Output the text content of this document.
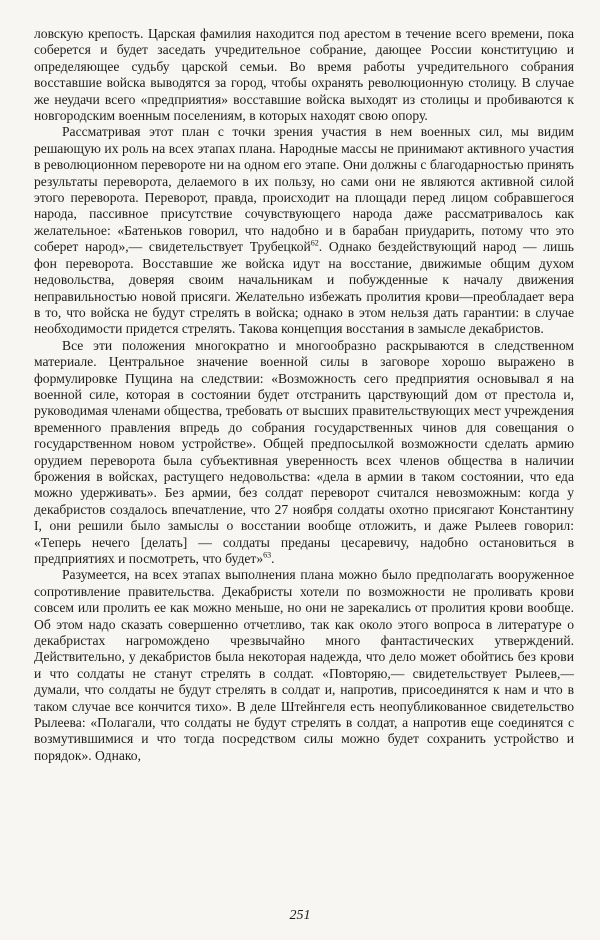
ловскую крепость. Царская фамилия находится под арестом в течение всего времени, пока соберется и будет заседать учредительное собрание, дающее России конституцию и определяющее судьбу царской семьи. Во время работы учредительного собрания восставшие войска выводятся за город, чтобы охранять революционную столицу. В случае же неудачи всего «предприятия» восставшие войска выходят из столицы и пробиваются к новгородским военным поселениям, в которых находят свою опору.

Рассматривая этот план с точки зрения участия в нем военных сил, мы видим решающую их роль на всех этапах плана. Народные массы не принимают активного участия в революционном перевороте ни на одном его этапе. Они должны с благодарностью принять результаты переворота, делаемого в их пользу, но сами они не являются активной силой этого переворота. Переворот, правда, происходит на площади перед лицом собравшегося народа, пассивное присутствие сочувствующего народа даже рассматривалось как желательное: «Батеньков говорил, что надобно и в барабан приударить, потому что это соберет народ»,— свидетельствует Трубецкой$^{62}$. Однако бездействующий народ — лишь фон переворота. Восставшие же войска идут на восстание, движимые общим духом недовольства, доверяя своим начальникам и побужденные к началу движения неправильностью новой присяги. Желательно избежать пролития крови—преобладает вера в то, что войска не будут стрелять в войска; однако в этом нельзя дать гарантии: в случае необходимости придется стрелять. Такова концепция восстания в замысле декабристов.

Все эти положения многократно и многообразно раскрываются в следственном материале. Центральное значение военной силы в заговоре хорошо выражено в формулировке Пущина на следствии: «Возможность сего предприятия основывал я на военной силе, которая в состоянии будет отстранить царствующий дом от престола и, руководимая членами общества, требовать от высших правительствующих мест учреждения временного правления впредь до собрания государственных чинов для совещания о государственном новом устройстве». Общей предпосылкой возможности сделать армию орудием переворота была субъективная уверенность всех членов общества в наличии брожения в войсках, растущего недовольства: «дела в армии в таком состоянии, что еда можно удерживать». Без армии, без солдат переворот считался невозможным: когда у декабристов создалось впечатление, что 27 ноября солдаты охотно присягают Константину I, они решили было замыслы о восстании вообще отложить, и даже Рылеев говорил: «Теперь нечего [делать] — солдаты преданы цесаревичу, надобно остановиться в предприятиях и посмотреть, что будет»$^{63}$.

Разумеется, на всех этапах выполнения плана можно было предполагать вооруженное сопротивление правительства. Декабристы хотели по возможности не проливать крови совсем или пролить ее как можно меньше, но они не зарекались от пролития крови вообще. Об этом надо сказать совершенно отчетливо, так как около этого вопроса в литературе о декабристах нагромождено чрезвычайно много фантастических утверждений. Действительно, у декабристов была некоторая надежда, что дело может обойтись без крови и что солдаты не станут стрелять в солдат. «Повторяю,— свидетельствует Рылеев,— думали, что солдаты не будут стрелять в солдат и, напротив, присоединятся к нам и что в таком случае все кончится тихо». В деле Штейнгеля есть неопубликованное свидетельство Рылеева: «Полагали, что солдаты не будут стрелять в солдат, а напротив еще соединятся с возмутившимися и что тогда посредством силы можно будет сохранить устройство и порядок». Однако,

251
